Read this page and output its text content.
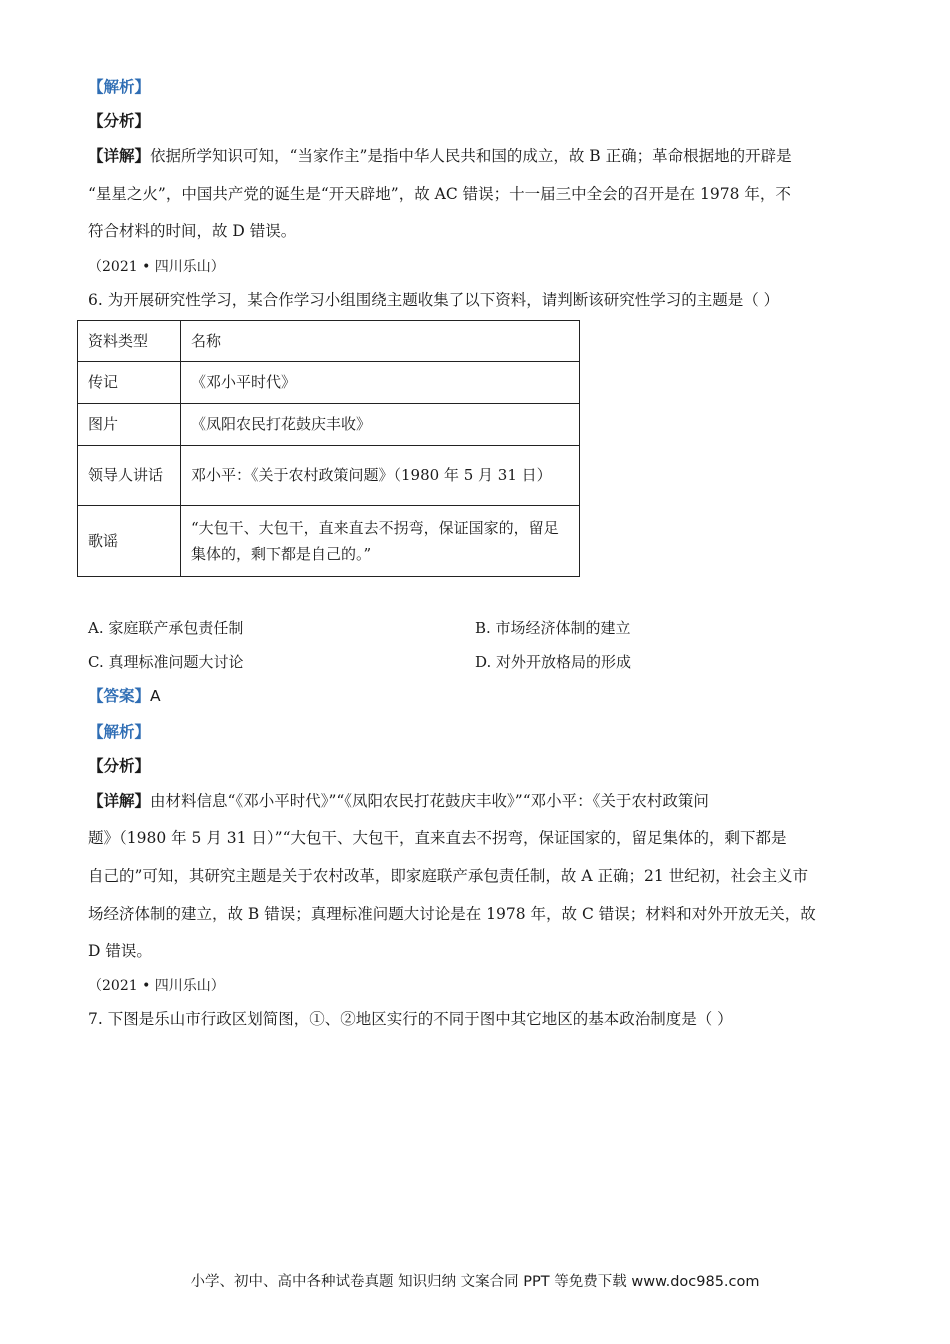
【解析】
【分析】
【详解】依据所学知识可知，“当家作主”是指中华人民共和国的成立，故 B 正确；革命根据地的开辟是
“星星之火”，中国共产党的诞生是“开天辟地”，故 AC 错误；十一届三中全会的召开是在 1978 年，不
符合材料的时间，故 D 错误。
（2021 • 四川乐山）
6. 为开展研究性学习，某合作学习小组围绕主题收集了以下资料，请判断该研究性学习的主题是（ ）
资料类型	名称
传记	《邓小平时代》
图片	《凤阳农民打花鼓庆丰收》
领导人讲话	邓小平：《关于农村政策问题》（1980 年 5 月 31 日）
歌谣	“大包干、大包干，直来直去不拐弯，保证国家的，留足集体的，剩下都是自己的。”
A. 家庭联产承包责任制	B. 市场经济体制的建立
C. 真理标准问题大讨论	D. 对外开放格局的形成
【答案】A
【解析】
【分析】
【详解】由材料信息“《邓小平时代》”“《凤阳农民打花鼓庆丰收》”“邓小平：《关于农村政策问
题》（1980 年 5 月 31 日）”“大包干、大包干，直来直去不拐弯，保证国家的，留足集体的，剩下都是
自己的”可知，其研究主题是关于农村改革，即家庭联产承包责任制，故 A 正确；21 世纪初，社会主义市
场经济体制的建立，故 B 错误；真理标准问题大讨论是在 1978 年，故 C 错误；材料和对外开放无关，故
D 错误。
（2021 • 四川乐山）
7. 下图是乐山市行政区划简图，①、②地区实行的不同于图中其它地区的基本政治制度是（ ）
小学、初中、高中各种试卷真题 知识归纳 文案合同 PPT 等免费下载 www.doc985.com
